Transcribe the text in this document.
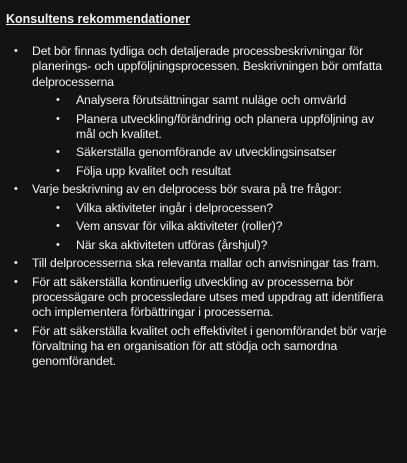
Konsultens rekommendationer
• Det bör finnas tydliga och detaljerade processbeskrivningar för planerings- och uppföljningsprocessen. Beskrivningen bör omfatta delprocesserna
• Analysera förutsättningar samt nuläge och omvärld
• Planera utveckling/förändring och planera uppföljning av mål och kvalitet.
• Säkerställa genomförande av utvecklingsinsatser
• Följa upp kvalitet och resultat
• Varje beskrivning av en delprocess bör svara på tre frågor:
• Vilka aktiviteter ingår i delprocessen?
• Vem ansvar för vilka aktiviteter (roller)?
• När ska aktiviteten utföras (årshjul)?
• Till delprocesserna ska relevanta mallar och anvisningar tas fram.
• För att säkerställa kontinuerlig utveckling av processerna bör processägare och processledare utses med uppdrag att identifiera och implementera förbättringar i processerna.
• För att säkerställa kvalitet och effektivitet i genomförandet bör varje förvaltning ha en organisation för att stödja och samordna genomförandet.
